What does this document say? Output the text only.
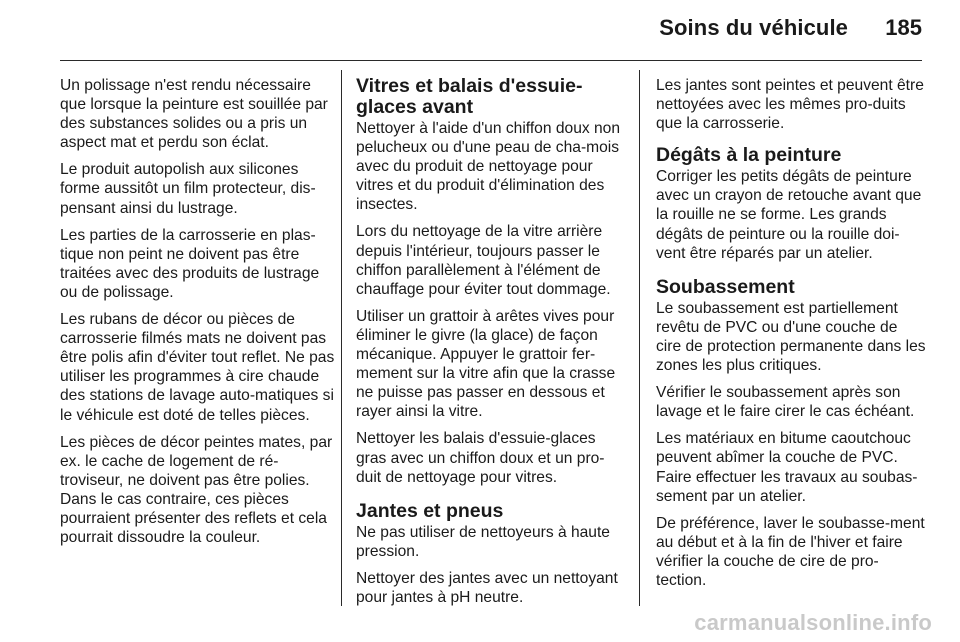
Soins du véhicule 185

Un polissage n'est rendu nécessaire que lorsque la peinture est souillée par des substances solides ou a pris un aspect mat et perdu son éclat.

Le produit autopolish aux silicones forme aussitôt un film protecteur, dis-pensant ainsi du lustrage.

Les parties de la carrosserie en plas-tique non peint ne doivent pas être traitées avec des produits de lustrage ou de polissage.

Les rubans de décor ou pièces de carrosserie filmés mats ne doivent pas être polis afin d'éviter tout reflet. Ne pas utiliser les programmes à cire chaude des stations de lavage auto-matiques si le véhicule est doté de telles pièces.

Les pièces de décor peintes mates, par ex. le cache de logement de ré-troviseur, ne doivent pas être polies. Dans le cas contraire, ces pièces pourraient présenter des reflets et cela pourrait dissoudre la couleur.

Vitres et balais d'essuie-glaces avant

Nettoyer à l'aide d'un chiffon doux non pelucheux ou d'une peau de cha-mois avec du produit de nettoyage pour vitres et du produit d'élimination des insectes.

Lors du nettoyage de la vitre arrière depuis l'intérieur, toujours passer le chiffon parallèlement à l'élément de chauffage pour éviter tout dommage.

Utiliser un grattoir à arêtes vives pour éliminer le givre (la glace) de façon mécanique. Appuyer le grattoir fer-mement sur la vitre afin que la crasse ne puisse pas passer en dessous et rayer ainsi la vitre.

Nettoyer les balais d'essuie-glaces gras avec un chiffon doux et un pro-duit de nettoyage pour vitres.

Jantes et pneus

Ne pas utiliser de nettoyeurs à haute pression.

Nettoyer des jantes avec un nettoyant pour jantes à pH neutre.

Les jantes sont peintes et peuvent être nettoyées avec les mêmes pro-duits que la carrosserie.

Dégâts à la peinture

Corriger les petits dégâts de peinture avec un crayon de retouche avant que la rouille ne se forme. Les grands dégâts de peinture ou la rouille doi-vent être réparés par un atelier.

Soubassement

Le soubassement est partiellement revêtu de PVC ou d'une couche de cire de protection permanente dans les zones les plus critiques.

Vérifier le soubassement après son lavage et le faire cirer le cas échéant.

Les matériaux en bitume caoutchouc peuvent abîmer la couche de PVC. Faire effectuer les travaux au soubas-sement par un atelier.

De préférence, laver le soubasse-ment au début et à la fin de l'hiver et faire vérifier la couche de cire de pro-tection.

carmanualsonline.info
